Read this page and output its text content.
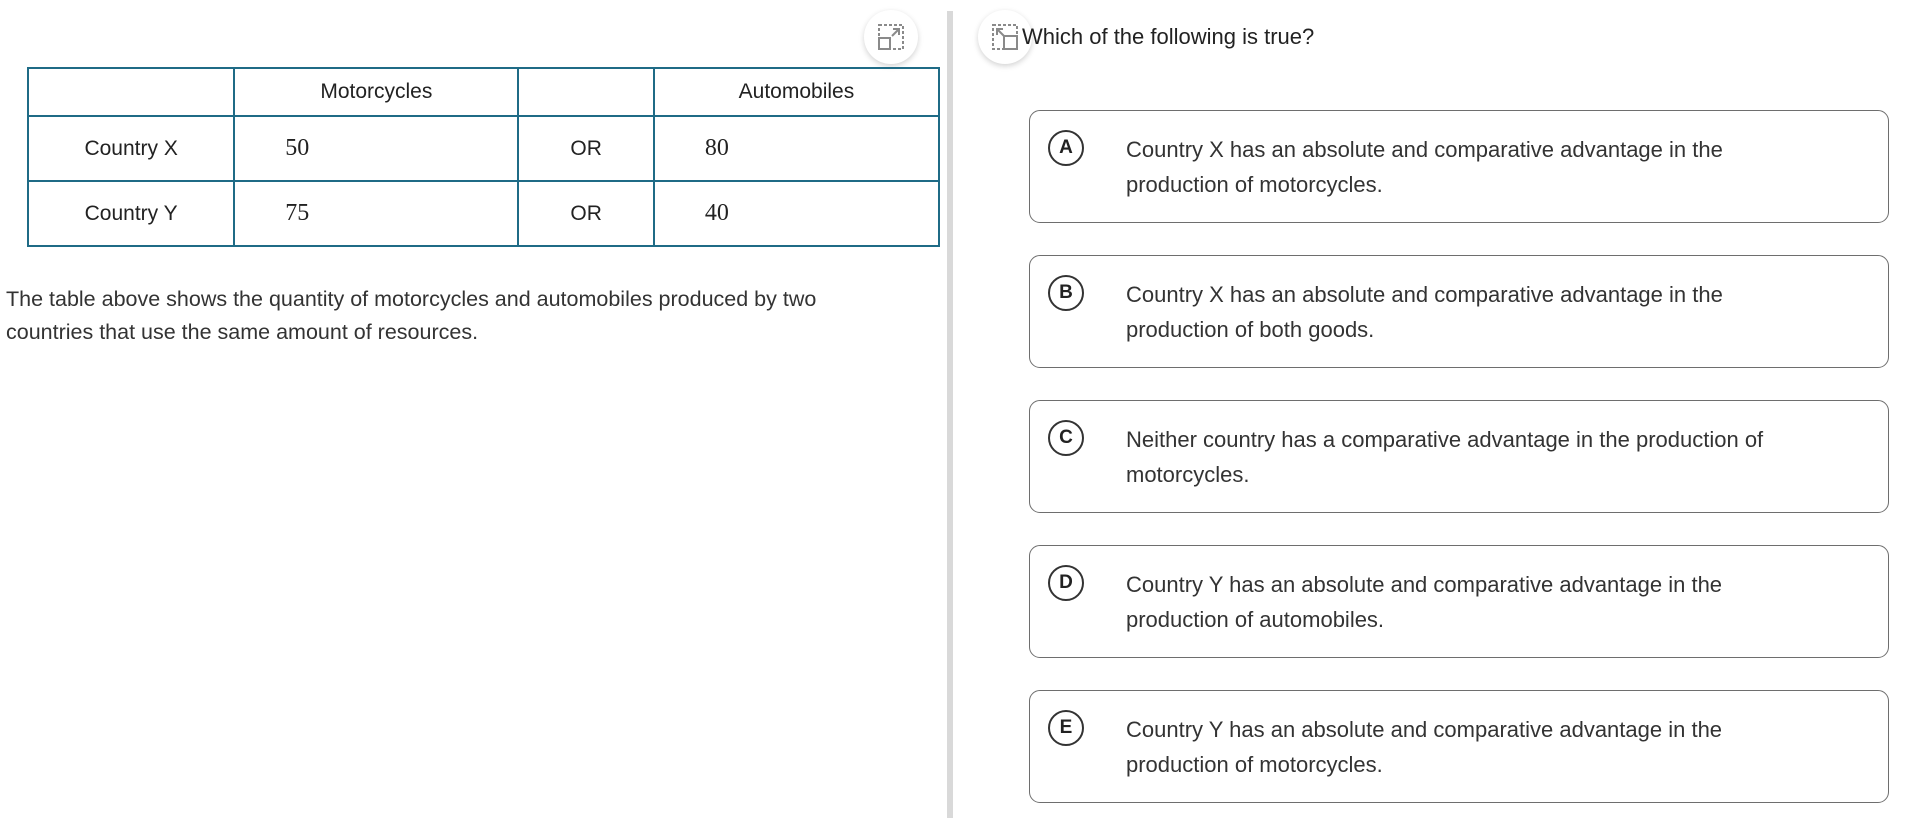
	Motorcycles		Automobiles
Country X	50	OR	80
Country Y	75	OR	40

The table above shows the quantity of motorcycles and automobiles produced by two countries that use the same amount of resources.

Which of the following is true?

A	Country X has an absolute and comparative advantage in the production of motorcycles.
B	Country X has an absolute and comparative advantage in the production of both goods.
C	Neither country has a comparative advantage in the production of motorcycles.
D	Country Y has an absolute and comparative advantage in the production of automobiles.
E	Country Y has an absolute and comparative advantage in the production of motorcycles.
